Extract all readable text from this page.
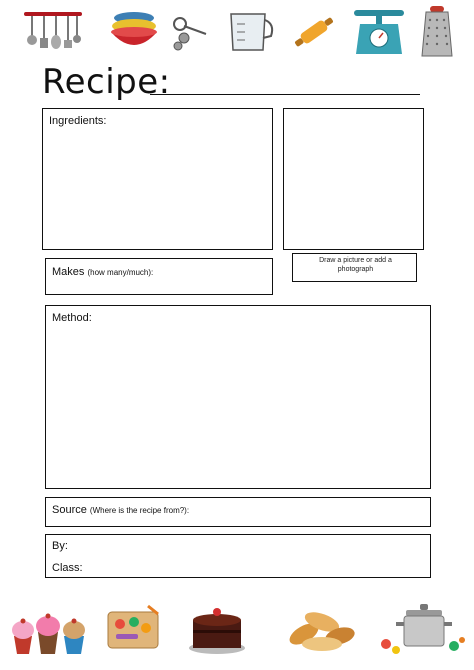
Recipe:
Ingredients:
Draw a picture or add a photograph
Makes (how many/much):
Method:
Source (Where is the recipe from?):
By:
Class:
